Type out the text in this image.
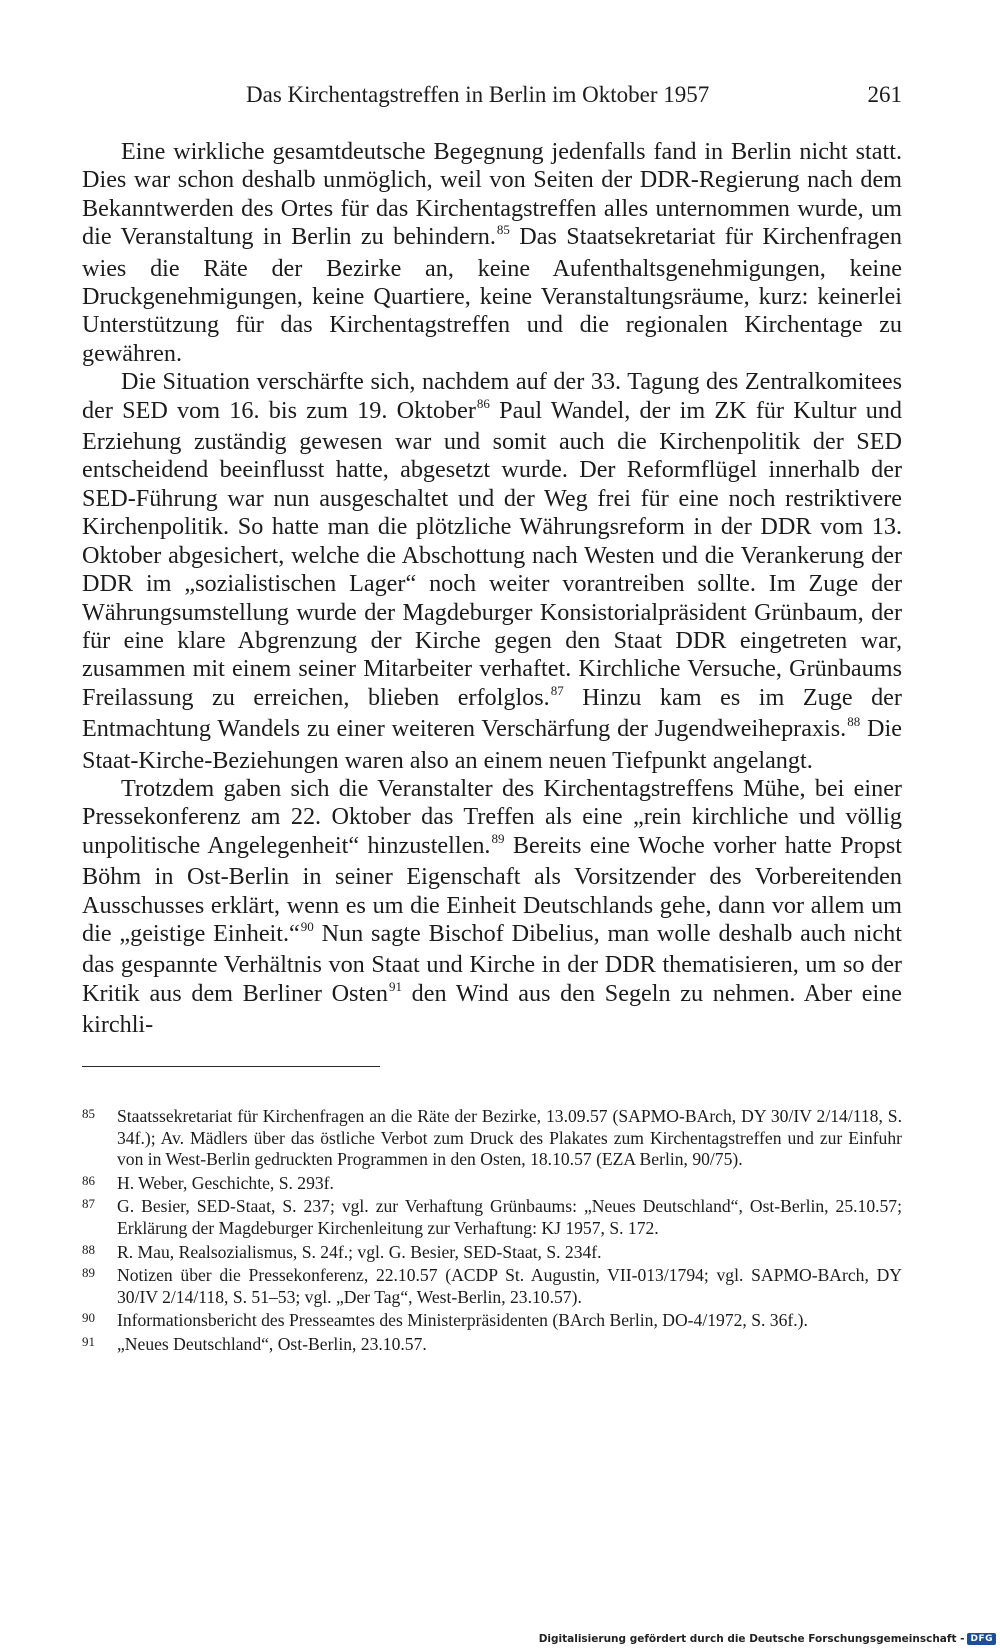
Das Kirchentagstreffen in Berlin im Oktober 1957	261

Eine wirkliche gesamtdeutsche Begegnung jedenfalls fand in Berlin nicht statt. Dies war schon deshalb unmöglich, weil von Seiten der DDR-Regierung nach dem Bekanntwerden des Ortes für das Kirchentagstreffen alles unternommen wurde, um die Veranstaltung in Berlin zu behindern.$^{85}$ Das Staatsekretariat für Kirchenfragen wies die Räte der Bezirke an, keine Aufenthaltsgenehmigungen, keine Druckgenehmigungen, keine Quartiere, keine Veranstaltungsräume, kurz: keinerlei Unterstützung für das Kirchentagstreffen und die regionalen Kirchentage zu gewähren.

Die Situation verschärfte sich, nachdem auf der 33. Tagung des Zentralkomitees der SED vom 16. bis zum 19. Oktober$^{86}$ Paul Wandel, der im ZK für Kultur und Erziehung zuständig gewesen war und somit auch die Kirchenpolitik der SED entscheidend beeinflusst hatte, abgesetzt wurde. Der Reformflügel innerhalb der SED-Führung war nun ausgeschaltet und der Weg frei für eine noch restriktivere Kirchenpolitik. So hatte man die plötzliche Währungsreform in der DDR vom 13. Oktober abgesichert, welche die Abschottung nach Westen und die Verankerung der DDR im „sozialistischen Lager“ noch weiter vorantreiben sollte. Im Zuge der Währungsumstellung wurde der Magdeburger Konsistorialpräsident Grünbaum, der für eine klare Abgrenzung der Kirche gegen den Staat DDR eingetreten war, zusammen mit einem seiner Mitarbeiter verhaftet. Kirchliche Versuche, Grünbaums Freilassung zu erreichen, blieben erfolglos.$^{87}$ Hinzu kam es im Zuge der Entmachtung Wandels zu einer weiteren Verschärfung der Jugendweihepraxis.$^{88}$ Die Staat-Kirche-Beziehungen waren also an einem neuen Tiefpunkt angelangt.

Trotzdem gaben sich die Veranstalter des Kirchentagstreffens Mühe, bei einer Pressekonferenz am 22. Oktober das Treffen als eine „rein kirchliche und völlig unpolitische Angelegenheit“ hinzustellen.$^{89}$ Bereits eine Woche vorher hatte Propst Böhm in Ost-Berlin in seiner Eigenschaft als Vorsitzender des Vorbereitenden Ausschusses erklärt, wenn es um die Einheit Deutschlands gehe, dann vor allem um die „geistige Einheit.“$^{90}$ Nun sagte Bischof Dibelius, man wolle deshalb auch nicht das gespannte Verhältnis von Staat und Kirche in der DDR thematisieren, um so der Kritik aus dem Berliner Osten$^{91}$ den Wind aus den Segeln zu nehmen. Aber eine kirchli-

85 Staatssekretariat für Kirchenfragen an die Räte der Bezirke, 13.09.57 (SAPMO-BArch, DY 30/IV 2/14/118, S. 34f.); Av. Mädlers über das östliche Verbot zum Druck des Plakates zum Kirchentagstreffen und zur Einfuhr von in West-Berlin gedruckten Programmen in den Osten, 18.10.57 (EZA Berlin, 90/75).
86 H. Weber, Geschichte, S. 293f.
87 G. Besier, SED-Staat, S. 237; vgl. zur Verhaftung Grünbaums: „Neues Deutschland“, Ost-Berlin, 25.10.57; Erklärung der Magdeburger Kirchenleitung zur Verhaftung: KJ 1957, S. 172.
88 R. Mau, Realsozialismus, S. 24f.; vgl. G. Besier, SED-Staat, S. 234f.
89 Notizen über die Pressekonferenz, 22.10.57 (ACDP St. Augustin, VII-013/1794; vgl. SAPMO-BArch, DY 30/IV 2/14/118, S. 51–53; vgl. „Der Tag“, West-Berlin, 23.10.57).
90 Informationsbericht des Presseamtes des Ministerpräsidenten (BArch Berlin, DO-4/1972, S. 36f.).
91 „Neues Deutschland“, Ost-Berlin, 23.10.57.
Digitalisierung gefördert durch die Deutsche Forschungsgemeinschaft - DFG
